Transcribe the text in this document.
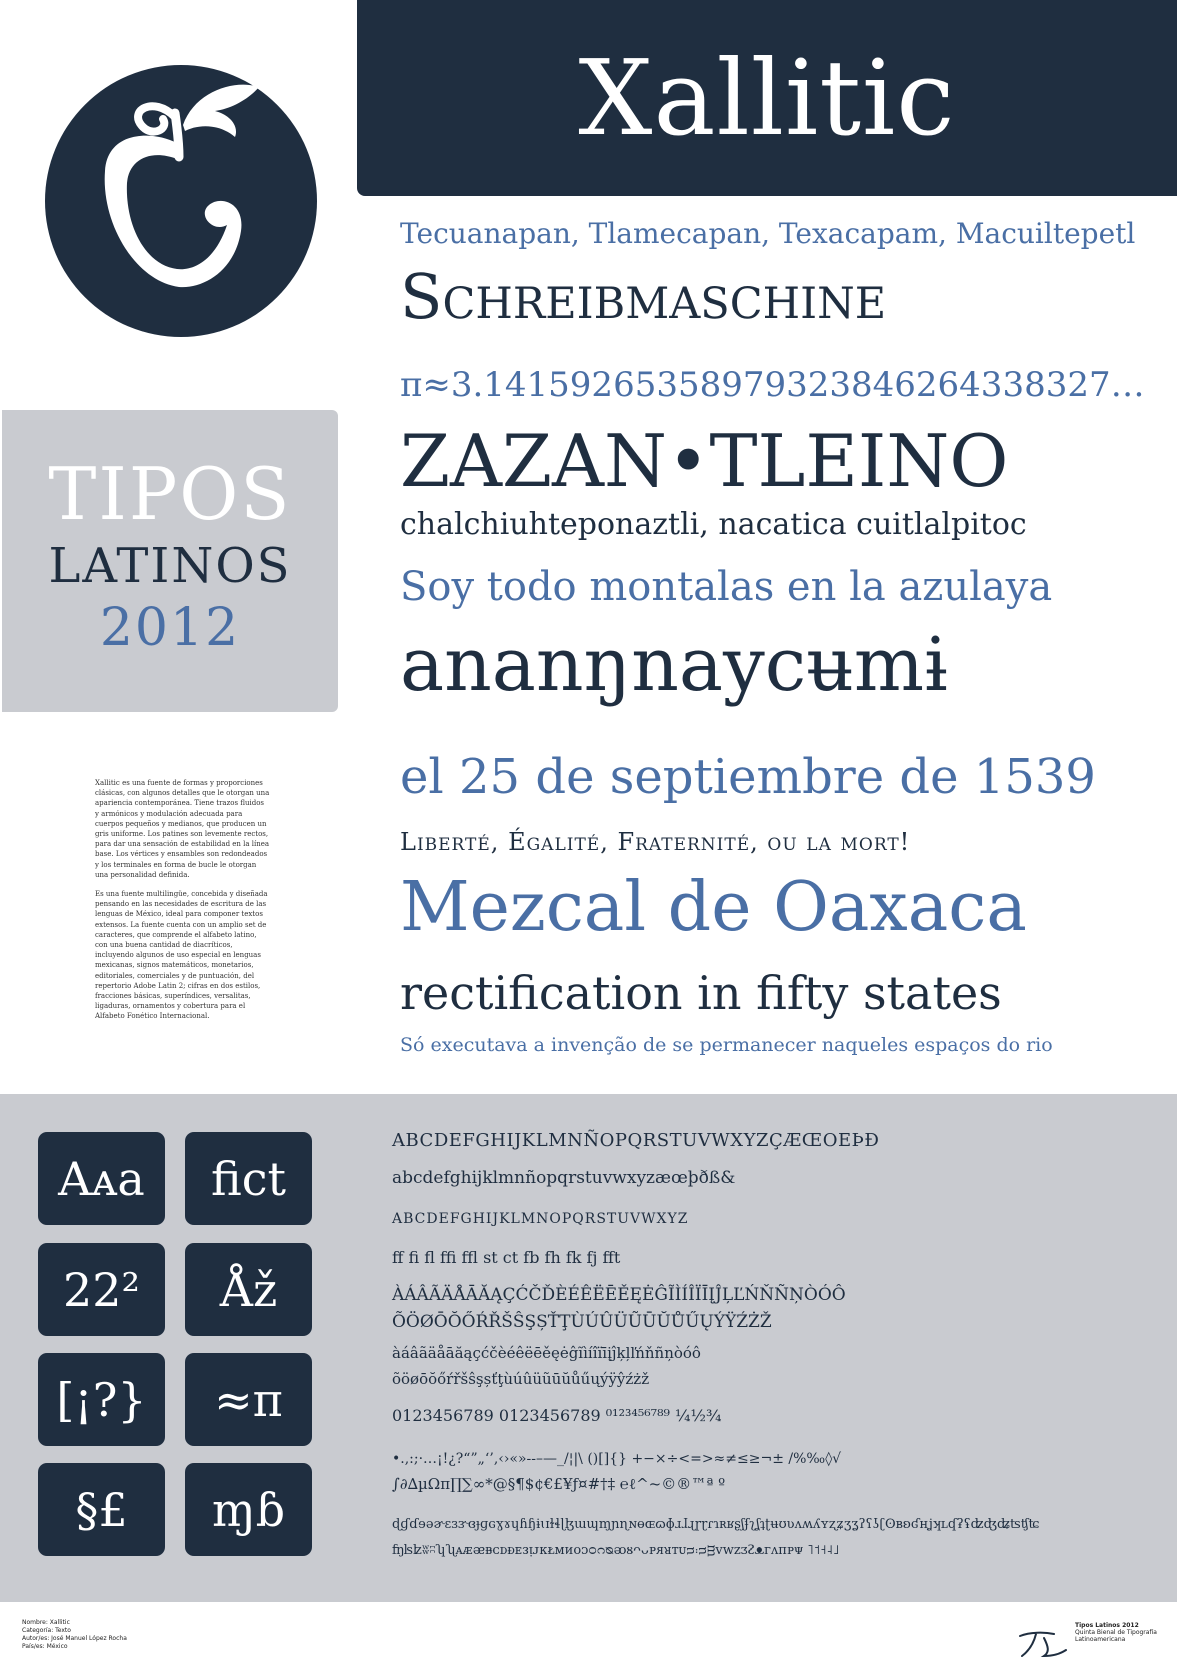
Xallitic
TIPOS
LATINOS
2012

Xallitic es una fuente de formas y proporciones clásicas, con algunos detalles que le otorgan una apariencia contemporánea. Tiene trazos fluidos y armónicos y modulación adecuada para cuerpos pequeños y medianos, que producen un gris uniforme. Los patines son levemente rectos, para dar una sensación de estabilidad en la línea base. Los vértices y ensambles son redondeados y los terminales en forma de bucle le otorgan una personalidad definida.

Es una fuente multilingüe, concebida y diseñada pensando en las necesidades de escritura de las lenguas de México, ideal para componer textos extensos. La fuente cuenta con un amplio set de caracteres, que comprende el alfabeto latino, con una buena cantidad de diacríticos, incluyendo algunos de uso especial en lenguas mexicanas, signos matemáticos, monetarios, editoriales, comerciales y de puntuación, del repertorio Adobe Latin 2; cifras en dos estilos, fracciones básicas, superíndices, versalitas, ligaduras, ornamentos y cobertura para el Alfabeto Fonético Internacional.

Tecuanapan, Tlamecapan, Texacapam, Macuiltepetl
Schreibmaschine
π≈3.14159265358979323846264338327…
ZAZAN•TLEINO
chalchiuhteponaztli, nacatica cuitlalpitoc
Soy todo montalas en la azulaya
ananŋnaycʉmɨ
el 25 de septiembre de 1539
Liberté, Égalité, Fraternité, ou la mort!
Mezcal de Oaxaca
rectification in fifty states
Só executava a invenção de se permanecer naqueles espaços do rio
Aᴀa	ﬁct
22²	Åž
[¡?}	≈π
§£	ɱɓ
ABCDEFGHIJKLMNÑOPQRSTUVWXYZÇÆŒOEÞÐ
abcdefghijklmnñopqrstuvwxyzæœþðß&
ABCDEFGHIJKLMNOPQRSTUVWXYZ
ﬀ ﬁ ﬂ ﬃ ﬄ st ct fb fh fk fj fft
ÀÁÂÃÄÅĀĂĄÇĆČĎÈÉÊËĒĚĘĖĜĨÌÍÎÏĪĮĴĻĽŃŇÑŅÒÓÔ
ÕÖØŌŎŐŔŘŠŜŞȘŤŢÙÚÛÜŨŪŬŮŰŲÝŸŹŻŽ
àáâãäåāăąçćčèéêëēěęėĝĩìíîïīįĵķļľńňñņòóô
õöøōŏőŕřšŝşșťţùúûüũūŭůűųýÿŷźżž
0123456789 0123456789 ⁰¹²³⁴⁵⁶⁷⁸⁹ ¼½¾
•.,:;·…¡!¿?“”„‘’‚‹›«»‐‑–—_/¦|\ ()[]{} +−×÷<=>≈≠≤≥¬± /%‰◊√
∫∂∆µΩπ∏∑∞*@§¶$¢€£¥ƒ¤#†‡ ℮ℓ^~©®™ª º
ɖɠɗɘəɚɛɜɝɞɟɡɢɣɤɥɦɧɨɩɪɫɬɭɮɯɰɱɲɳɴɵɶɷɸɹɺɻɼɽɾɿʀʁʂʃʄʅʆʇʈʉʊʋʌʍʎʏʐʑʒʓʔʕʖʗʘʙʚʛʜʝʞʟʠʡʢʣʤʥʦʧʨ
ʩʪʫʬʭʮʯᴀᴁᴂᴃᴄᴅᴆᴇᴈᴉᴊᴋᴌᴍᴎᴏᴐᴑᴒᴓᴔᴕᴖᴗᴘᴙᴚᴛᴜᴝᴞᴟᴠᴡᴢᴣᴤᴥᴦᴧᴨᴩᴪ ˥˦˧˨˩
Nombre: Xallitic
Categoría: Texto
Autor/es: José Manuel López Rocha
País/es: México
Tipos Latinos 2012
Quinta Bienal de Tipografía
Latinoamericana
